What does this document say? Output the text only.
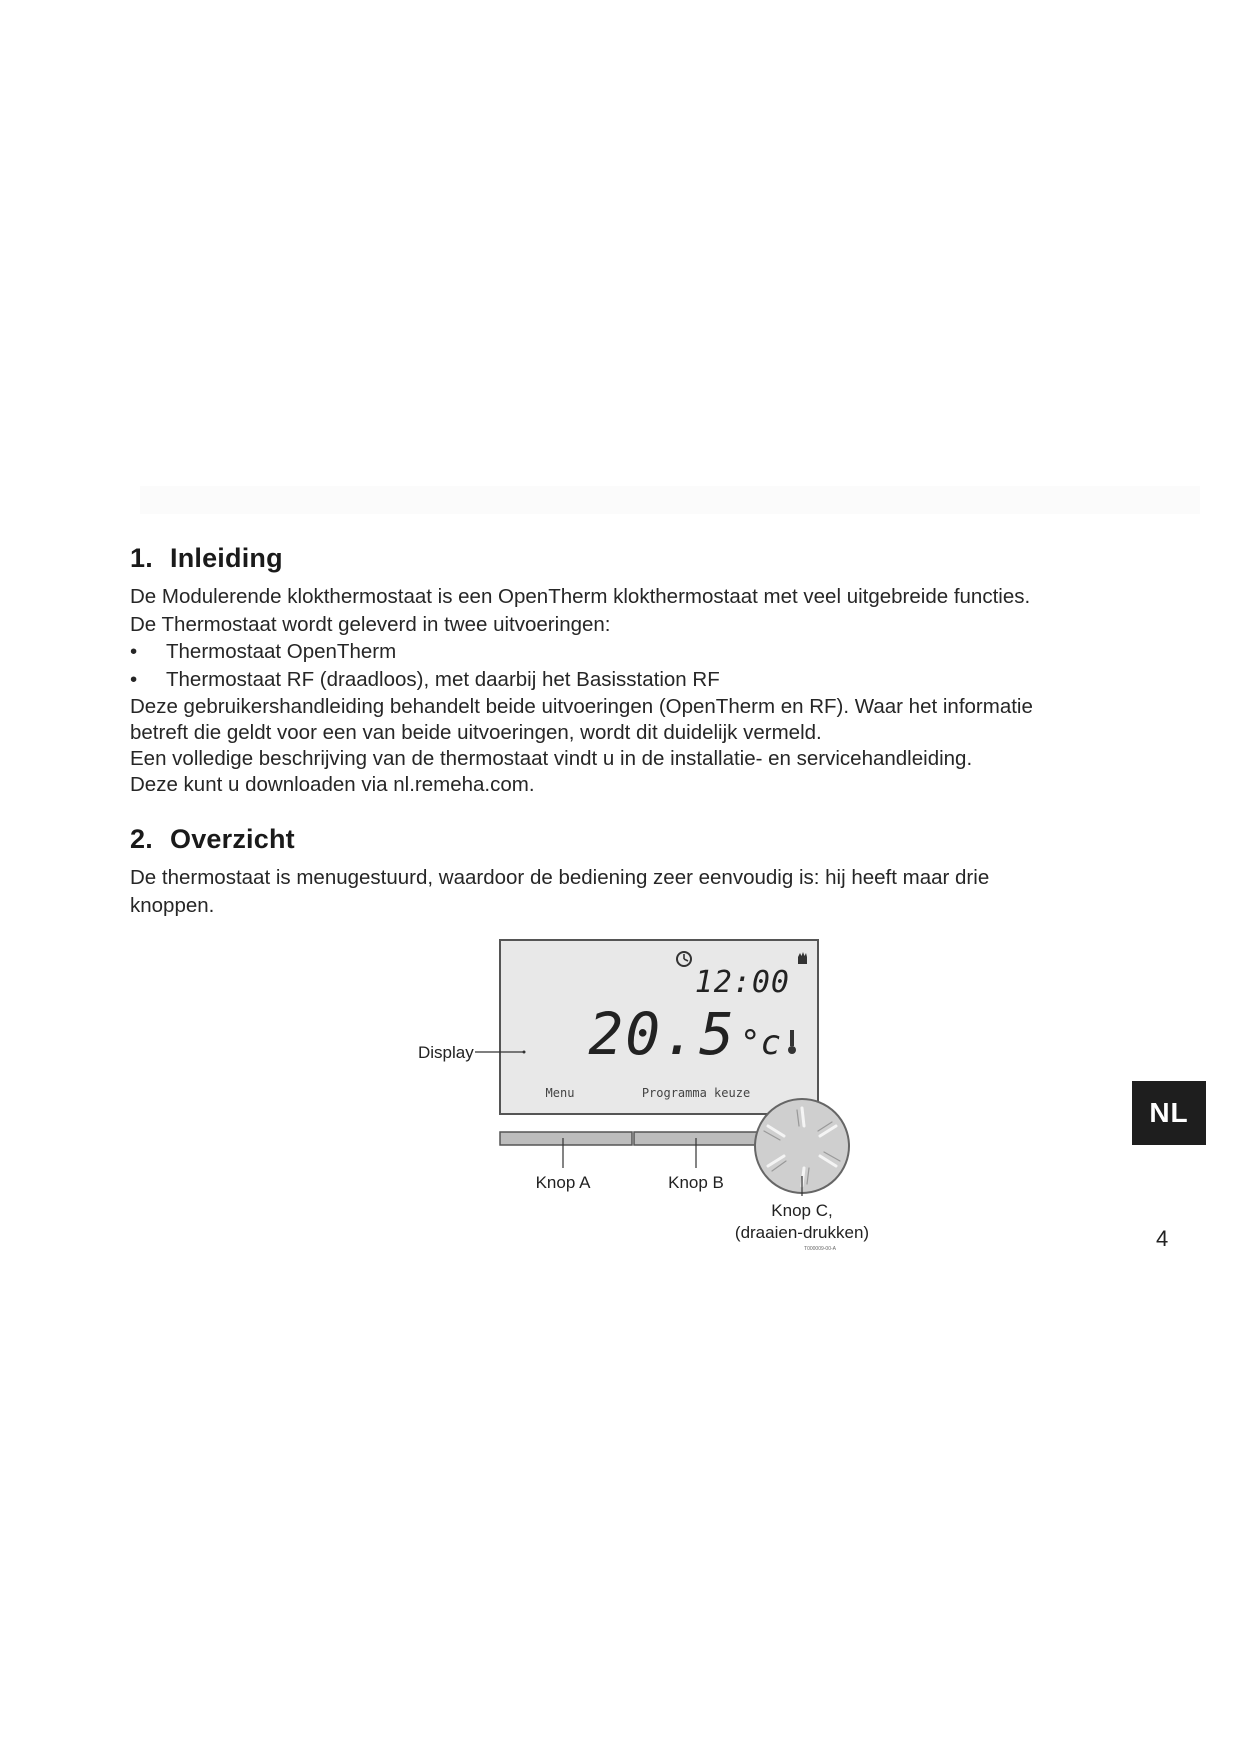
1. Inleiding

De Modulerende klokthermostaat is een OpenTherm klokthermostaat met veel uitgebreide functies.

De Thermostaat wordt geleverd in twee uitvoeringen:

• Thermostaat OpenTherm
• Thermostaat RF (draadloos), met daarbij het Basisstation RF

Deze gebruikershandleiding behandelt beide uitvoeringen (OpenTherm en RF). Waar het informatie

betreft die geldt voor een van beide uitvoeringen, wordt dit duidelijk vermeld.

Een volledige beschrijving van de thermostaat vindt u in de installatie- en servicehandleiding.

Deze kunt u downloaden via nl.remeha.com.

2. Overzicht

De thermostaat is menugestuurd, waardoor de bediening zeer eenvoudig is: hij heeft maar drie

knoppen.

12:00
20.5 °c
Menu	Programma keuze
Display
Knop A	Knop B
Knop C,
(draaien-drukken)
T000009-00-A
NL
4
